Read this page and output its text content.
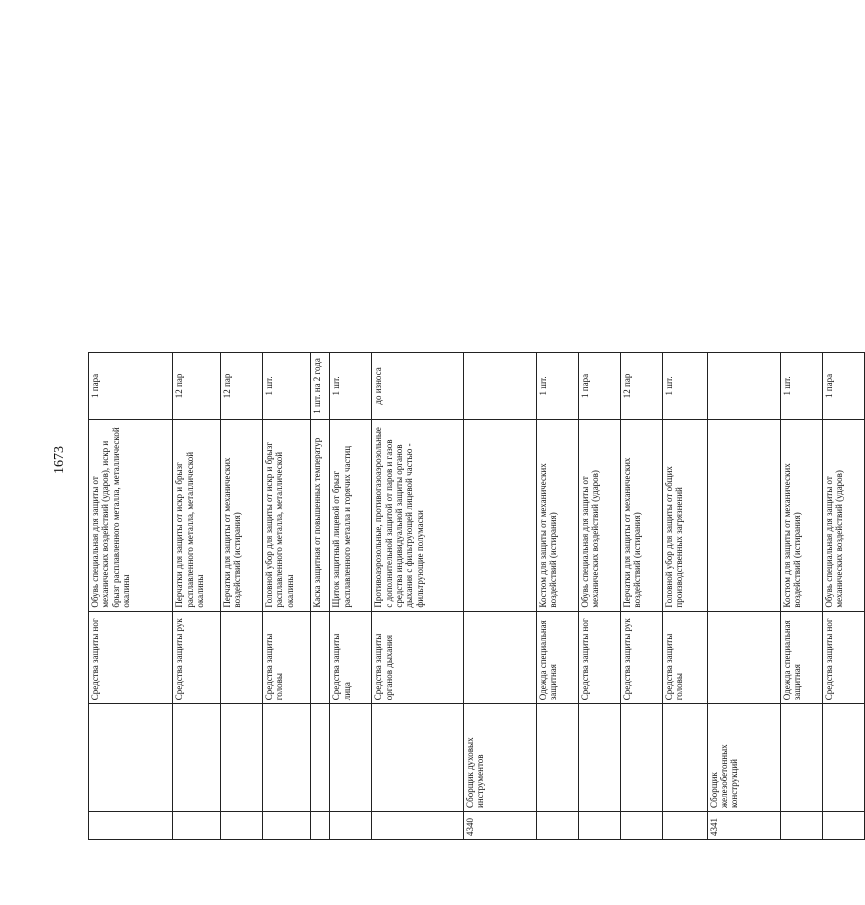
1673
		Средства защиты ног	Обувь специальная для защиты от механических воздействий (ударов), искр и брызг расплавленного металла, металлической окалины	1 пара
		Средства защиты рук	Перчатки для защиты от искр и брызг расплавленного металла, металлической окалины	12 пар
			Перчатки для защиты от механических воздействий (истирания)	12 пар
		Средства защиты головы	Головной убор для защиты от искр и брызг расплавленного металла, металлической окалины	1 шт.
			Каска защитная от повышенных температур	1 шт. на 2 года
		Средства защиты лица	Щиток защитный лицевой от брызг расплавленного металла и горячих частиц	1 шт.
		Средства защиты органов дыхания	Противоаэрозольные, противогазоаэрозольные с дополнительной защитой от паров и газов средства индивидуальной защиты органов дыхания с фильтрующей лицевой частью - фильтрующие полумаски	до износа
4340	Сборщик духовых инструментов			
		Одежда специальная защитная	Костюм для защиты от механических воздействий (истирания)	1 шт.
		Средства защиты ног	Обувь специальная для защиты от механических воздействий (ударов)	1 пара
		Средства защиты рук	Перчатки для защиты от механических воздействий (истирания)	12 пар
		Средства защиты головы	Головной убор для защиты от общих производственных загрязнений	1 шт.
4341	Сборщик железобетонных конструкций			
		Одежда специальная защитная	Костюм для защиты от механических воздействий (истирания)	1 шт.
		Средства защиты ног	Обувь специальная для защиты от механических воздействий (ударов)	1 пара
